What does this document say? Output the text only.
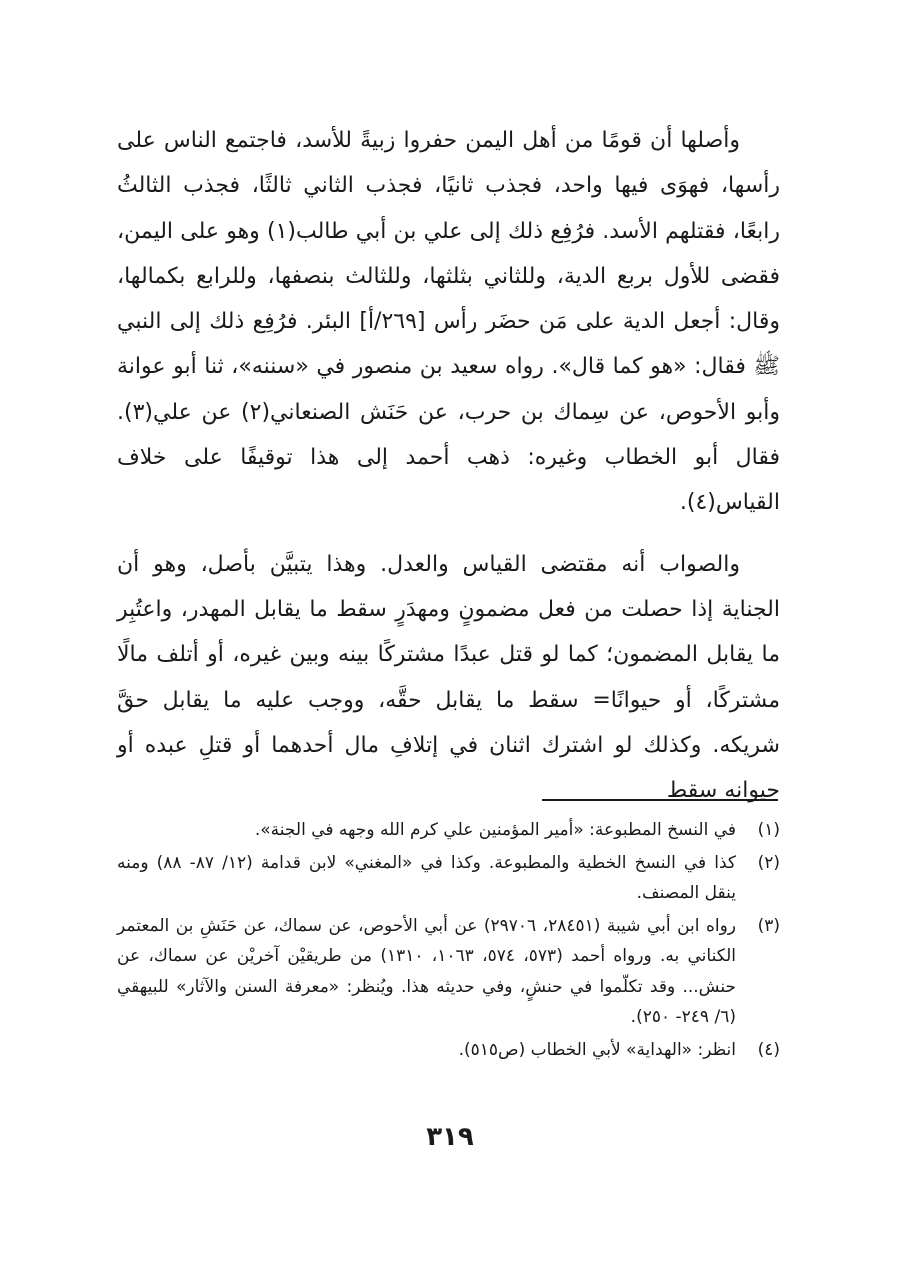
وأصلها أن قومًا من أهل اليمن حفروا زبيةً للأسد، فاجتمع الناس على رأسها، فهوَى فيها واحد، فجذب ثانيًا، فجذب الثاني ثالثًا، فجذب الثالثُ رابعًا، فقتلهم الأسد. فرُفِع ذلك إلى علي بن أبي طالب(١) وهو على اليمن، فقضى للأول بربع الدية، وللثاني بثلثها، وللثالث بنصفها، وللرابع بكمالها، وقال: أجعل الدية على مَن حضَر رأس [٢٦٩/أ] البئر. فرُفِع ذلك إلى النبي ﷺ فقال: «هو كما قال». رواه سعيد بن منصور في «سننه»، ثنا أبو عوانة وأبو الأحوص، عن سِماك بن حرب، عن حَنَش الصنعاني(٢) عن علي(٣). فقال أبو الخطاب وغيره: ذهب أحمد إلى هذا توقيفًا على خلاف القياس(٤).

والصواب أنه مقتضى القياس والعدل. وهذا يتبيَّن بأصل، وهو أن الجناية إذا حصلت من فعل مضمونٍ ومهدَرٍ سقط ما يقابل المهدر، واعتُبِر ما يقابل المضمون؛ كما لو قتل عبدًا مشتركًا بينه وبين غيره، أو أتلف مالًا مشتركًا، أو حيوانًا= سقط ما يقابل حقَّه، ووجب عليه ما يقابل حقَّ شريكه. وكذلك لو اشترك اثنان في إتلافِ مال أحدهما أو قتلِ عبده أو حيوانه سقط

(١)
في النسخ المطبوعة: «أمير المؤمنين علي كرم الله وجهه في الجنة».
(٢)
كذا في النسخ الخطية والمطبوعة. وكذا في «المغني» لابن قدامة (١٢/ ٨٧- ٨٨) ومنه ينقل المصنف.
(٣)
رواه ابن أبي شيبة (٢٨٤٥١، ٢٩٧٠٦) عن أبي الأحوص، عن سماك، عن حَنَشِ بن المعتمر الكناني به. ورواه أحمد (٥٧٣، ٥٧٤، ١٠٦٣، ١٣١٠) من طريقيْن آخريْن عن سماك، عن حنش... وقد تكلّموا في حنشٍ، وفي حديثه هذا. ويُنظر: «معرفة السنن والآثار» للبيهقي (٦/ ٢٤٩- ٢٥٠).
(٤)
انظر: «الهداية» لأبي الخطاب (ص٥١٥).
٣١٩
